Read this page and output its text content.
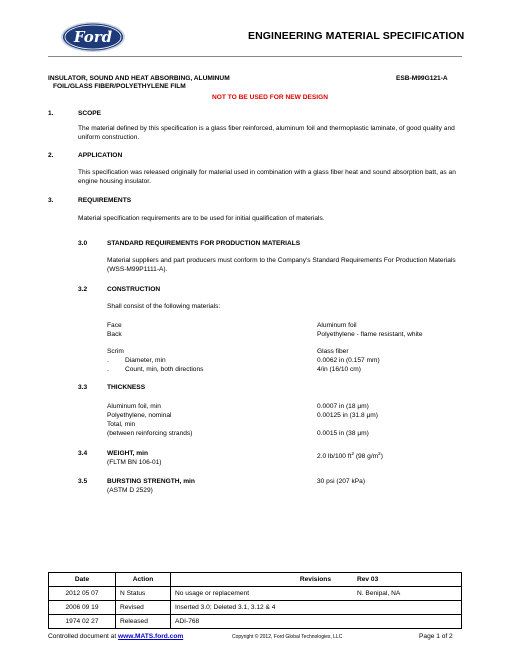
Ford	ENGINEERING MATERIAL SPECIFICATION
INSULATOR, SOUND AND HEAT ABSORBING, ALUMINUM
FOIL/GLASS FIBER/POLYETHYLENE FILM
ESB-M99G121-A
NOT TO BE USED FOR NEW DESIGN
1.	SCOPE
The material defined by this specification is a glass fiber reinforced, aluminum foil and thermoplastic laminate, of good quality and uniform construction.
2.	APPLICATION
This specification was released originally for material used in combination with a glass fiber heat and sound absorption batt, as an engine housing insulator.
3.	REQUIREMENTS
Material specification requirements are to be used for initial qualification of materials.
3.0	STANDARD REQUIREMENTS FOR PRODUCTION MATERIALS
Material suppliers and part producers must conform to the Company's Standard Requirements For Production Materials (WSS-M99P1111-A).
3.2	CONSTRUCTION
Shall consist of the following materials:
Face	Aluminum foil
Back	Polyethylene - flame resistant, white
Scrim	Glass fiber
. Diameter, min	0.0062 in (0.157 mm)
. Count, min, both directions	4/in (16/10 cm)
3.3	THICKNESS
Aluminum foil, min	0.0007 in (18 μm)
Polyethylene, nominal	0.00125 in (31.8 μm)
Total, min
(between reinforcing strands)	0.0015 in (38 μm)
3.4	WEIGHT, min
(FLTM BN 106-01)
2.0 lb/100 $ft^2$ (98 $g/m^2$)
3.5	BURSTING STRENGTH, min
(ASTM D 2529)
30 psi (207 kPa)
Date	Action	Revisions	Rev 03
2012 05 07	N Status	No usage or replacement	N. Benipal, NA
2006 09 19	Revised	Inserted 3.0; Deleted 3.1, 3.12 & 4	
1974 02 27	Released	ADI-768	
Controlled document at www.MATS.ford.com	Copyright © 2012, Ford Global Technologies, LLC	Page 1 of 2
